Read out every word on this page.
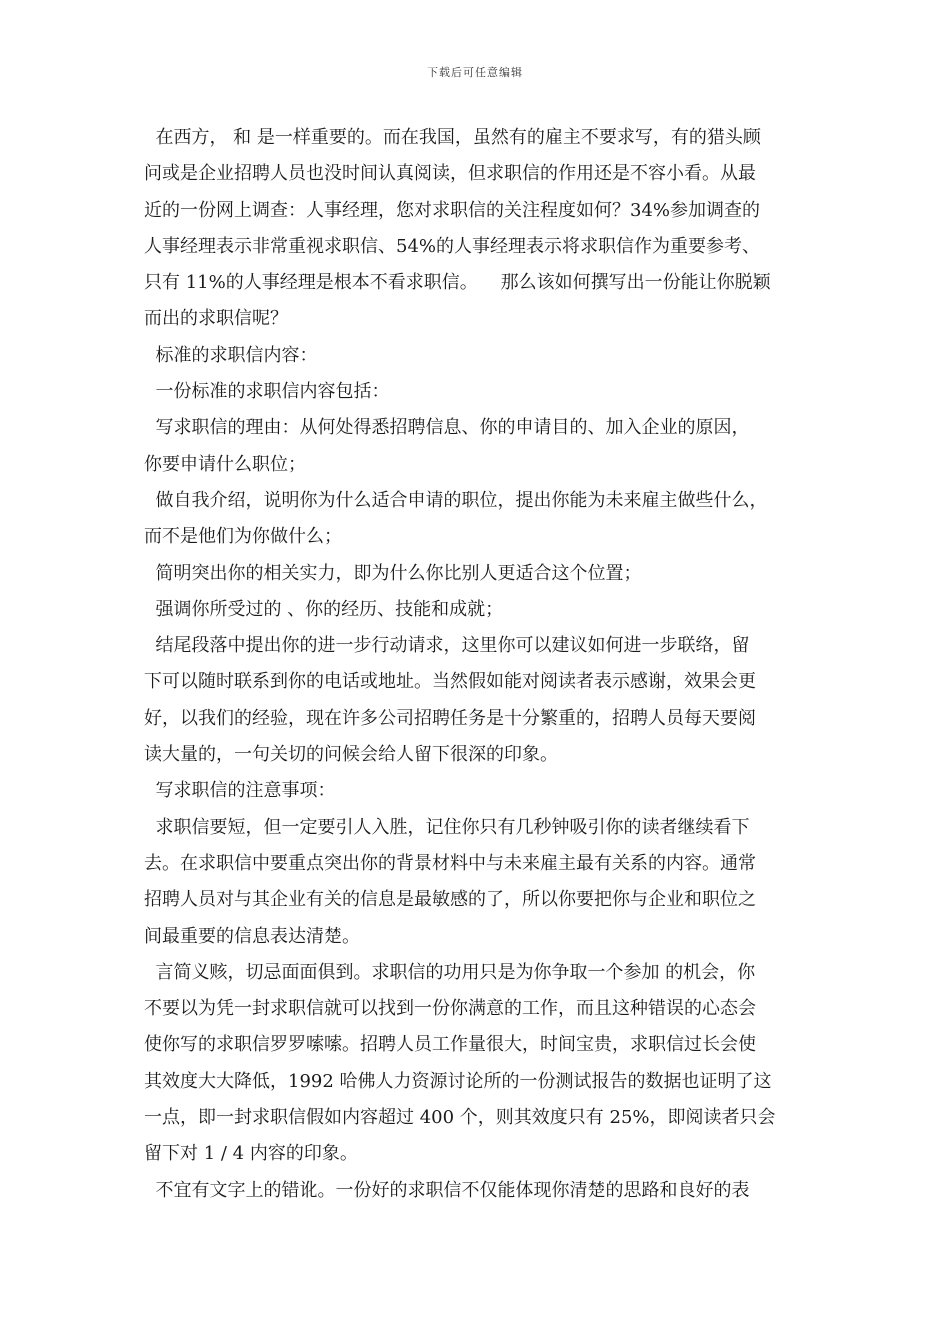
下载后可任意编辑
在西方， 和 是一样重要的。而在我国，虽然有的雇主不要求写，有的猎头顾
问或是企业招聘人员也没时间认真阅读，但求职信的作用还是不容小看。从最
近的一份网上调查：人事经理，您对求职信的关注程度如何？34%参加调查的
人事经理表示非常重视求职信、54%的人事经理表示将求职信作为重要参考、
只有 11%的人事经理是根本不看求职信。    那么该如何撰写出一份能让你脱颖
而出的求职信呢？
标准的求职信内容：
一份标准的求职信内容包括：
写求职信的理由：从何处得悉招聘信息、你的申请目的、加入企业的原因，
你要申请什么职位；
做自我介绍，说明你为什么适合申请的职位，提出你能为未来雇主做些什么，
而不是他们为你做什么；
简明突出你的相关实力，即为什么你比别人更适合这个位置；
强调你所受过的 、你的经历、技能和成就；
结尾段落中提出你的进一步行动请求，这里你可以建议如何进一步联络，留
下可以随时联系到你的电话或地址。当然假如能对阅读者表示感谢，效果会更
好，以我们的经验，现在许多公司招聘任务是十分繁重的，招聘人员每天要阅
读大量的，一句关切的问候会给人留下很深的印象。
写求职信的注意事项：
求职信要短，但一定要引人入胜，记住你只有几秒钟吸引你的读者继续看下
去。在求职信中要重点突出你的背景材料中与未来雇主最有关系的内容。通常
招聘人员对与其企业有关的信息是最敏感的了，所以你要把你与企业和职位之
间最重要的信息表达清楚。
言简义赅，切忌面面俱到。求职信的功用只是为你争取一个参加 的机会，你
不要以为凭一封求职信就可以找到一份你满意的工作，而且这种错误的心态会
使你写的求职信罗罗嗦嗦。招聘人员工作量很大，时间宝贵，求职信过长会使
其效度大大降低，1992 哈佛人力资源讨论所的一份测试报告的数据也证明了这
一点，即一封求职信假如内容超过 400 个，则其效度只有 25%，即阅读者只会
留下对 1 / 4 内容的印象。
不宜有文字上的错讹。一份好的求职信不仅能体现你清楚的思路和良好的表
